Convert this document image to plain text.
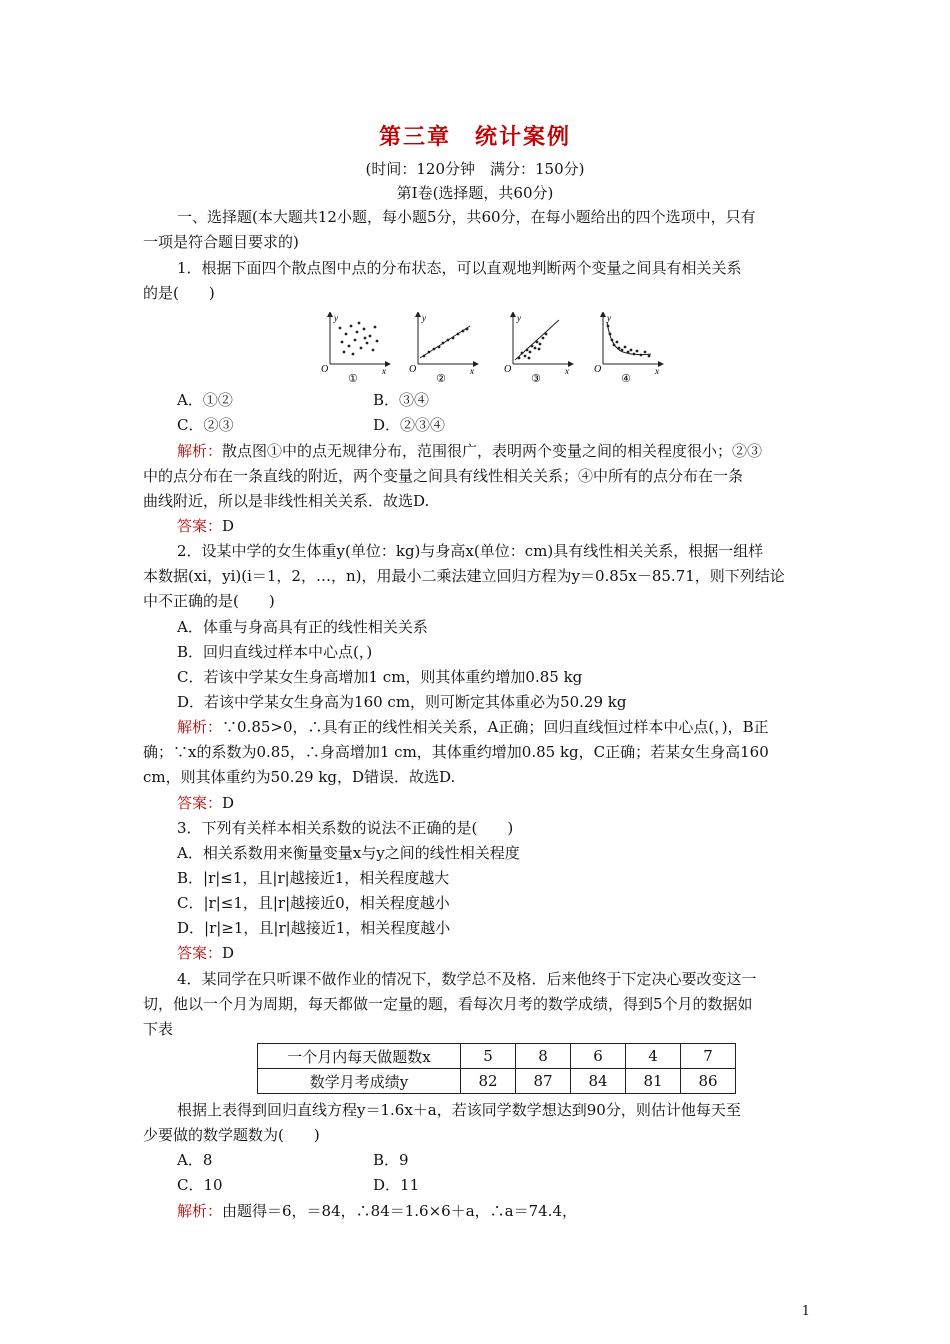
第三章　统计案例
(时间：120分钟　满分：150分)
第Ⅰ卷(选择题，共60分)
一、选择题(本大题共12小题，每小题5分，共60分，在每小题给出的四个选项中，只有
一项是符合题目要求的)
1．根据下面四个散点图中点的分布状态，可以直观地判断两个变量之间具有相关关系
的是(　　)
O
y
x
①
O
y
x
②
O
y
x
③
O
y
x
④
A．①②	B．③④
C．②③	D．②③④
解析：散点图①中的点无规律分布，范围很广，表明两个变量之间的相关程度很小；②③
中的点分布在一条直线的附近，两个变量之间具有线性相关关系；④中所有的点分布在一条
曲线附近，所以是非线性相关关系．故选D.
答案：D
2．设某中学的女生体重y(单位：kg)与身高x(单位：cm)具有线性相关关系，根据一组样
本数据(xi，yi)(i＝1，2，…，n)，用最小二乘法建立回归方程为y＝0.85x－85.71，则下列结论
中不正确的是(　　)
A．体重与身高具有正的线性相关关系
B．回归直线过样本中心点(，)
C．若该中学某女生身高增加1 cm，则其体重约增加0.85 kg
D．若该中学某女生身高为160 cm，则可断定其体重必为50.29 kg
解析：∵0.85>0，∴具有正的线性相关关系，A正确；回归直线恒过样本中心点(，)，B正
确；∵x的系数为0.85，∴身高增加1 cm，其体重约增加0.85 kg，C正确；若某女生身高160
cm，则其体重约为50.29 kg，D错误．故选D.
答案：D
3．下列有关样本相关系数的说法不正确的是(　　)
A．相关系数用来衡量变量x与y之间的线性相关程度
B．|r|≤1，且|r|越接近1，相关程度越大
C．|r|≤1，且|r|越接近0，相关程度越小
D．|r|≥1，且|r|越接近1，相关程度越小
答案：D
4．某同学在只听课不做作业的情况下，数学总不及格．后来他终于下定决心要改变这一
切，他以一个月为周期，每天都做一定量的题，看每次月考的数学成绩，得到5个月的数据如
下表
一个月内每天做题数x	5	8	6	4	7
数学月考成绩y	82	87	84	81	86
根据上表得到回归直线方程y＝1.6x＋a，若该同学数学想达到90分，则估计他每天至
少要做的数学题数为(　　)
A．8	B．9
C．10	D．11
解析：由题得＝6，＝84，∴84＝1.6×6＋a，∴a＝74.4，
1
